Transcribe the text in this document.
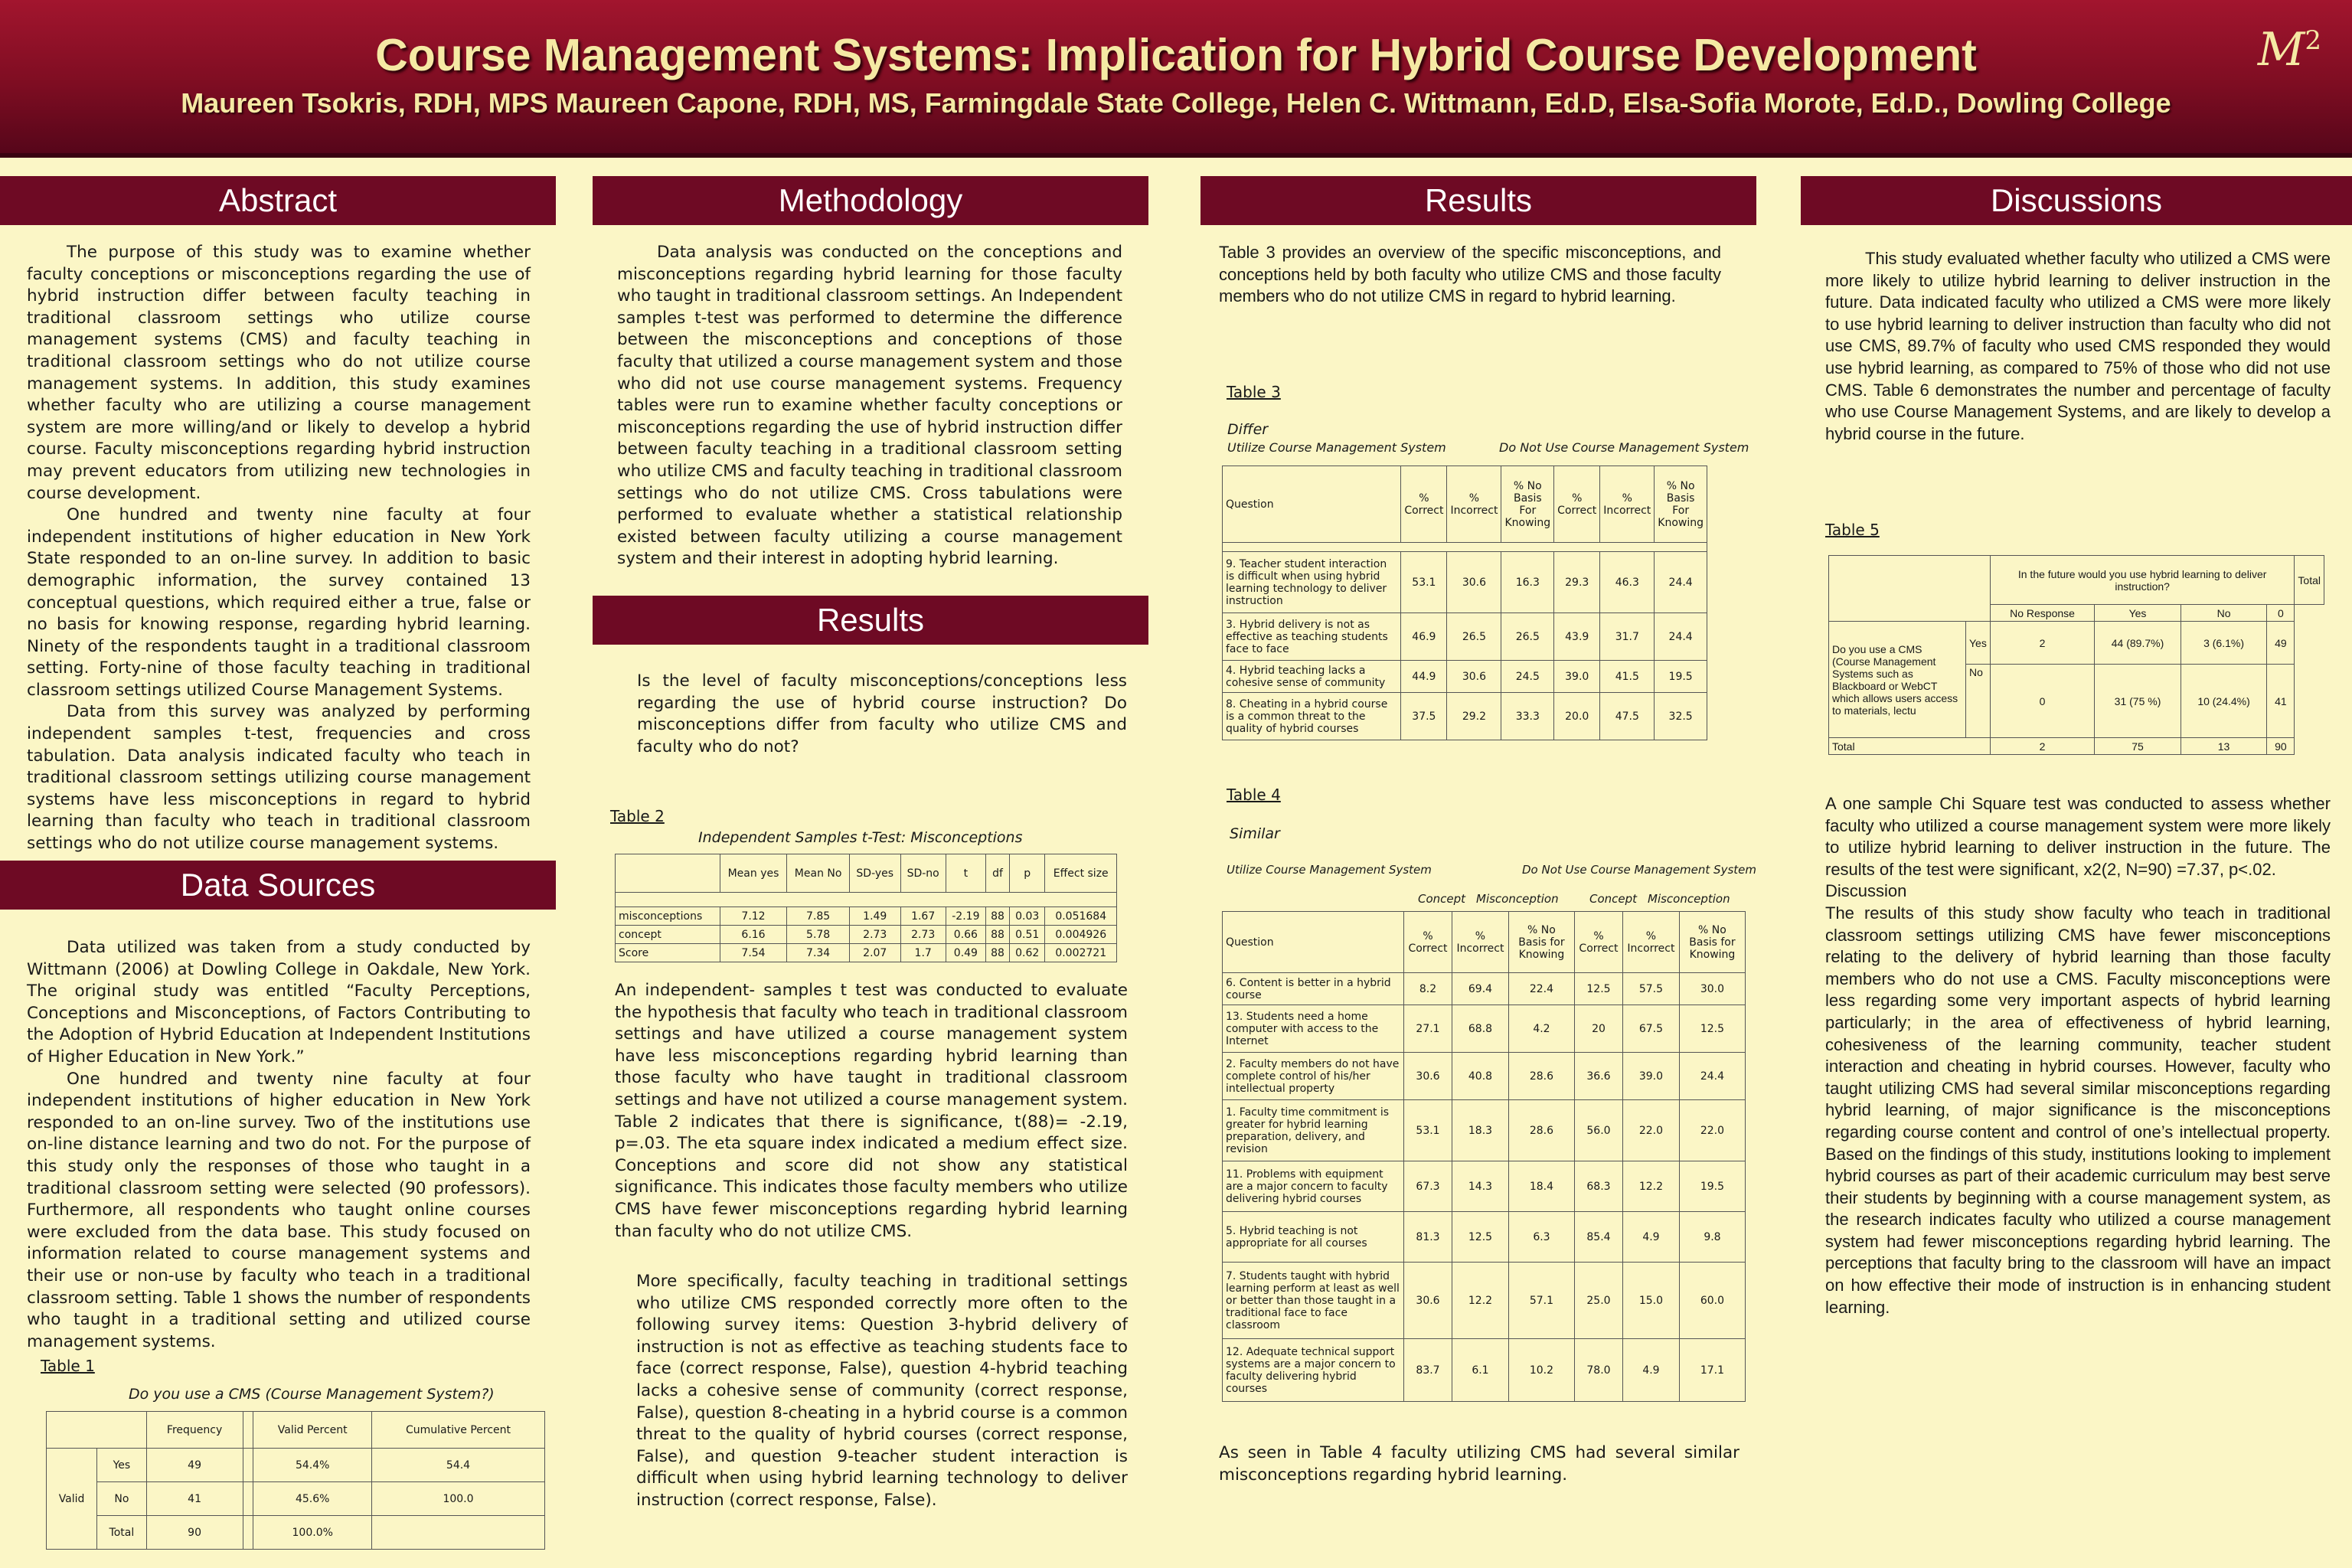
Course Management Systems: Implication for Hybrid Course Development
Maureen Tsokris, RDH, MPS Maureen Capone, RDH, MS, Farmingdale State College, Helen C. Wittmann, Ed.D, Elsa-Sofia Morote, Ed.D., Dowling College
$M^2$
Abstract

The purpose of this study was to examine whether faculty conceptions or misconceptions regarding the use of hybrid instruction differ between faculty teaching in traditional classroom settings who utilize course management systems (CMS) and faculty teaching in traditional classroom settings who do not utilize course management systems. In addition, this study examines whether faculty who are utilizing a course management system are more willing/and or likely to develop a hybrid course. Faculty misconceptions regarding hybrid instruction may prevent educators from utilizing new technologies in course development.

One hundred and twenty nine faculty at four independent institutions of higher education in New York State responded to an on-line survey. In addition to basic demographic information, the survey contained 13 conceptual questions, which required either a true, false or no basis for knowing response, regarding hybrid learning. Ninety of the respondents taught in a traditional classroom setting. Forty-nine of those faculty teaching in traditional classroom settings utilized Course Management Systems.

Data from this survey was analyzed by performing independent samples t-test, frequencies and cross tabulation. Data analysis indicated faculty who teach in traditional classroom settings utilizing course management systems have less misconceptions in regard to hybrid learning than faculty who teach in traditional classroom settings who do not utilize course management systems.

Data Sources

Data utilized was taken from a study conducted by Wittmann (2006) at Dowling College in Oakdale, New York. The original study was entitled “Faculty Perceptions, Conceptions and Misconceptions, of Factors Contributing to the Adoption of Hybrid Education at Independent Institutions of Higher Education in New York.”

One hundred and twenty nine faculty at four independent institutions of higher education in New York responded to an on-line survey. Two of the institutions use on-line distance learning and two do not. For the purpose of this study only the responses of those who taught in a traditional classroom setting were selected (90 professors). Furthermore, all respondents who taught online courses were excluded from the data base. This study focused on information related to course management systems and their use or non-use by faculty who teach in a traditional classroom setting. Table 1 shows the number of respondents who taught in a traditional setting and utilized course management systems.

Table 1
Do you use a CMS (Course Management System?)
		Frequency		Valid Percent	Cumulative Percent
Valid	Yes	49		54.4%	54.4
	No	41		45.6%	100.0
	Total	90		100.0%	
Methodology

Data analysis was conducted on the conceptions and misconceptions regarding hybrid learning for those faculty who taught in traditional classroom settings. An Independent samples t-test was performed to determine the difference between the misconceptions and conceptions of those faculty that utilized a course management system and those who did not use course management systems. Frequency tables were run to examine whether faculty conceptions or misconceptions regarding the use of hybrid instruction differ between faculty teaching in a traditional classroom setting who utilize CMS and faculty teaching in traditional classroom settings who do not utilize CMS. Cross tabulations were performed to evaluate whether a statistical relationship existed between faculty utilizing a course management system and their interest in adopting hybrid learning.

Results

Is the level of faculty misconceptions/conceptions less regarding the use of hybrid course instruction? Do misconceptions differ from faculty who utilize CMS and faculty who do not?

Table 2
Independent Samples t-Test: Misconceptions
	Mean yes	Mean No	SD-yes	SD-no	t	df	p	Effect size

misconceptions	7.12	7.85	1.49	1.67	-2.19	88	0.03	0.051684
concept	6.16	5.78	2.73	2.73	0.66	88	0.51	0.004926
Score	7.54	7.34	2.07	1.7	0.49	88	0.62	0.002721

An independent- samples t test was conducted to evaluate the hypothesis that faculty who teach in traditional classroom settings and have utilized a course management system have less misconceptions regarding hybrid learning than those faculty who have taught in traditional classroom settings and have not utilized a course management system. Table 2 indicates that there is significance, t(88)= -2.19, p=.03. The eta square index indicated a medium effect size. Conceptions and score did not show any statistical significance. This indicates those faculty members who utilize CMS have fewer misconceptions regarding hybrid learning than faculty who do not utilize CMS.

More specifically, faculty teaching in traditional settings who utilize CMS responded correctly more often to the following survey items: Question 3-hybrid delivery of instruction is not as effective as teaching students face to face (correct response, False), question 4-hybrid teaching lacks a cohesive sense of community (correct response, False), question 8-cheating in a hybrid course is a common threat to the quality of hybrid courses (correct response, False), and question 9-teacher student interaction is difficult when using hybrid learning technology to deliver instruction (correct response, False).

Results

Table 3 provides an overview of the specific misconceptions, and conceptions held by both faculty who utilize CMS and those faculty members who do not utilize CMS in regard to hybrid learning.

Table 3
Differ
Utilize Course Management System	Do Not Use Course Management System
Question	% Correct	% Incorrect	% No Basis For Knowing	% Correct	% Incorrect	% No Basis For Knowing

9. Teacher student interaction is difficult when using hybrid learning technology to deliver instruction	53.1	30.6	16.3	29.3	46.3	24.4
3. Hybrid delivery is not as effective as teaching students face to face	46.9	26.5	26.5	43.9	31.7	24.4
4. Hybrid teaching lacks a cohesive sense of community	44.9	30.6	24.5	39.0	41.5	19.5
8. Cheating in a hybrid course is a common threat to the quality of hybrid courses	37.5	29.2	33.3	20.0	47.5	32.5
Table 4
Similar
Utilize Course Management System	Do Not Use Course Management System
Concept Misconception	Concept Misconception
Question	% Correct	% Incorrect	% No Basis for Knowing	% Correct	% Incorrect	% No Basis for Knowing
6. Content is better in a hybrid course	8.2	69.4	22.4	12.5	57.5	30.0
13. Students need a home computer with access to the Internet	27.1	68.8	4.2	20	67.5	12.5
2. Faculty members do not have complete control of his/her intellectual property	30.6	40.8	28.6	36.6	39.0	24.4
1. Faculty time commitment is greater for hybrid learning preparation, delivery, and revision	53.1	18.3	28.6	56.0	22.0	22.0
11. Problems with equipment are a major concern to faculty delivering hybrid courses	67.3	14.3	18.4	68.3	12.2	19.5
5. Hybrid teaching is not appropriate for all courses	81.3	12.5	6.3	85.4	4.9	9.8
7. Students taught with hybrid learning perform at least as well or better than those taught in a traditional face to face classroom	30.6	12.2	57.1	25.0	15.0	60.0
12. Adequate technical support systems are a major concern to faculty delivering hybrid courses	83.7	6.1	10.2	78.0	4.9	17.1

As seen in Table 4 faculty utilizing CMS had several similar misconceptions regarding hybrid learning.

Discussions

This study evaluated whether faculty who utilized a CMS were more likely to utilize hybrid learning to deliver instruction in the future. Data indicated faculty who utilized a CMS were more likely to use hybrid learning to deliver instruction than faculty who did not use CMS, 89.7% of faculty who used CMS responded they would use hybrid learning, as compared to 75% of those who did not use CMS. Table 6 demonstrates the number and percentage of faculty who use Course Management Systems, and are likely to develop a hybrid course in the future.

Table 5
		In the future would you use hybrid learning to deliver instruction?				Total
		No Response	Yes	No	0	
Do you use a CMS (Course Management Systems such as Blackboard or WebCT which allows users access to materials, lectu	Yes	2	44 (89.7%)	3 (6.1%)	49	
	No	0	31 (75 %)	10 (24.4%)	41	
Total		2	75	13	90	

A one sample Chi Square test was conducted to assess whether faculty who utilized a course management system were more likely to utilize hybrid learning to deliver instruction in the future. The results of the test were significant, x2(2, N=90) =7.37, p<.02.

Discussion

The results of this study show faculty who teach in traditional classroom settings utilizing CMS have fewer misconceptions relating to the delivery of hybrid learning than those faculty members who do not use a CMS. Faculty misconceptions were less regarding some very important aspects of hybrid learning particularly; in the area of effectiveness of hybrid learning, cohesiveness of the learning community, teacher student interaction and cheating in hybrid courses. However, faculty who taught utilizing CMS had several similar misconceptions regarding hybrid learning, of major significance is the misconceptions regarding course content and control of one’s intellectual property. Based on the findings of this study, institutions looking to implement hybrid courses as part of their academic curriculum may best serve their students by beginning with a course management system, as the research indicates faculty who utilized a course management system had fewer misconceptions regarding hybrid learning. The perceptions that faculty bring to the classroom will have an impact on how effective their mode of instruction is in enhancing student learning.
